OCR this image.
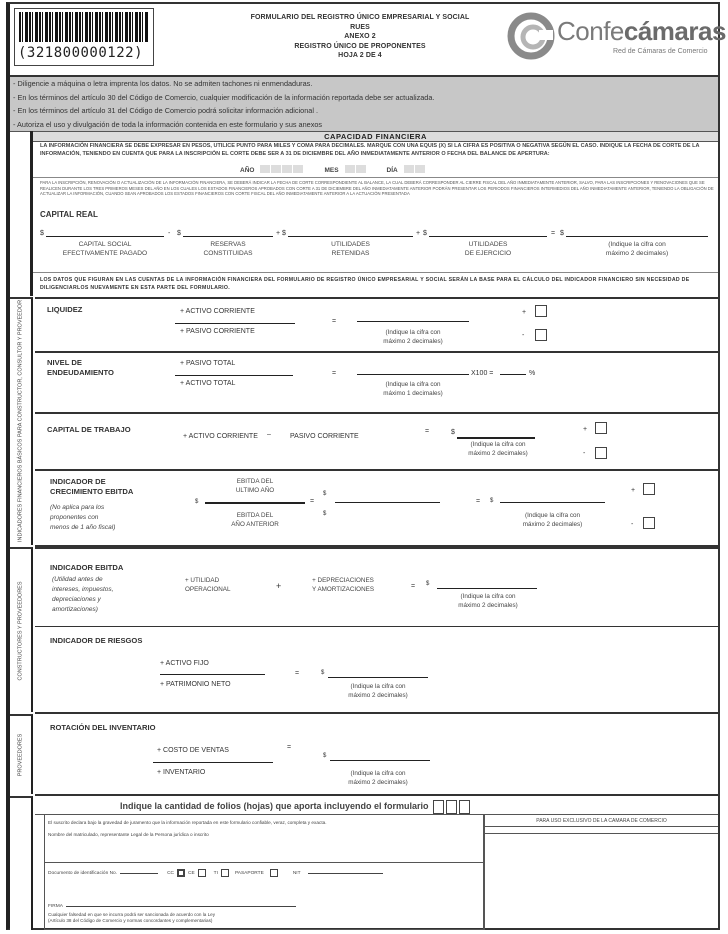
(321800000122)
FORMULARIO DEL REGISTRO ÚNICO EMPRESARIAL Y SOCIAL
RUES
ANEXO 2
REGISTRO ÚNICO DE PROPONENTES
HOJA 2 DE 4
Confecámaras
Red de Cámaras de Comercio
- Diligencie a máquina o letra imprenta los datos. No se admiten tachones ni enmendaduras.
- En los términos del artículo 30 del Código de Comercio, cualquier modificación de la información reportada debe ser actualizada.
- En los términos del artículo 31 del Código de Comercio podrá solicitar información adicional .
- Autoriza el uso y divulgación de toda la información contenida en este formulario y sus anexos
CAPACIDAD FINANCIERA
LA INFORMACIÓN FINANCIERA SE DEBE EXPRESAR EN PESOS, UTILICE PUNTO PARA MILES Y COMA PARA DECIMALES. MARQUE CON UNA EQUIS (X) SI LA CIFRA ES POSITIVA O NEGATIVA SEGÚN EL CASO. INDIQUE LA FECHA DE CORTE DE LA INFORMACIÓN, TENIENDO EN CUENTA QUE PARA LA INSCRIPCIÓN EL CORTE DEBE SER A 31 DE DICIEMBRE DEL AÑO INMEDIATAMENTE ANTERIOR O FECHA DEL BALANCE DE APERTURA:
AÑO	MES	DÍA
PARA LA INSCRIPCIÓN, RENOVACIÓN O ACTUALIZACIÓN DE LA INFORMACIÓN FINANCIERA, SE DEBERÁ INDICAR LA FECHA DE CORTE CORRESPONDIENTE AL BALANCE, LA CUAL DEBERÁ CORRESPONDER AL CIERRE FISCAL DEL AÑO INMEDIATAMENTE ANTERIOR, SALVO, PARA LAS INSCRIPCIONES Y RENOVACIONES QUE SE REALICEN DURANTE LOS TRES PRIMEROS MESES DEL AÑO EN LOS CUALES LOS ESTADOS FINANCIEROS APROBADOS CON CORTE A 31 DE DICIEMBRE DEL AÑO INMEDIATAMENTE ANTERIOR PODRÁN PRESENTAR LOS PERIODOS FINANCIEROS INTERMEDIOS DEL AÑO INMEDIATAMENTE ANTERIOR, TENIENDO LA OBLIGACIÓN DE ACTUALIZAR LA INFORMACIÓN, CUANDO SEAN APROBADOS LOS ESTADOS FINANCIEROS CON CORTE FISCAL DEL AÑO INMEDIATAMENTE ANTERIOR A LA ACTUACIÓN PRESENTADA
CAPITAL REAL
$	-
CAPITAL SOCIAL
EFECTIVAMENTE PAGADO
$	+
RESERVAS
CONSTITUIDAS
$	+
UTILIDADES
RETENIDAS
$	=
UTILIDADES
DE EJERCICIO
$
(Indique la cifra con
máximo 2 decimales)
LOS DATOS QUE FIGURAN EN LAS CUENTAS DE LA INFORMACIÓN FINANCIERA DEL FORMULARIO DE REGISTRO ÚNICO EMPRESARIAL Y SOCIAL SERÁN LA BASE PARA EL CÁLCULO DEL INDICADOR FINANCIERO SIN NECESIDAD DE DILIGENCIARLOS NUEVAMENTE EN ESTA PARTE DEL FORMULARIO.
INDICADORES FINANCIEROS BÁSICOS PARA CONSTRUCTOR, CONSULTOR Y PROVEEDOR
CONSTRUCTORES Y PROVEEDORES
PROVEEDORES
LIQUIDEZ	+ ACTIVO CORRIENTE
+ PASIVO CORRIENTE
=
(Indique la cifra con
máximo 2 decimales)
+
-
NIVEL DE
ENDEUDAMIENTO
+ PASIVO TOTAL
+ ACTIVO TOTAL
=
(Indique la cifra con
máximo 1 decimales)
X100 =	%
CAPITAL DE TRABAJO
+ ACTIVO CORRIENTE –	PASIVO CORRIENTE
=	$
(Indique la cifra con
máximo 2 decimales)
+
-
INDICADOR DE
CRECIMIENTO EBITDA
(No aplica para los
proponentes con
menos de 1 año fiscal)
$
EBITDA DEL
ULTIMO AÑO
EBITDA DEL
AÑO ANTERIOR
=
$
$
= $
(Indique la cifra con
máximo 2 decimales)
+
-
INDICADOR EBITDA
(Utilidad antes de
intereses, impuestos,
depreciaciones y
amortizaciones)
+ UTILIDAD
OPERACIONAL	+
+ DEPRECIACIONES
Y AMORTIZACIONES	= $
(Indique la cifra con
máximo 2 decimales)
INDICADOR DE RIESGOS
+ ACTIVO FIJO
+ PATRIMONIO NETO
=	$
(Indique la cifra con
máximo 2 decimales)
ROTACIÓN DEL INVENTARIO
+ COSTO DE VENTAS
+ INVENTARIO
=
$
(Indique la cifra con
máximo 2 decimales)
Indique la cantidad de folios (hojas) que aporta incluyendo el formulario
El suscrito declara bajo la gravedad de juramento que la información reportada en este formulario confiable, veraz, completa y exacta.
Nombre del matriculado, representante Legal de la Persona jurídica o inscrito
Documento de identificación No.	CC	CE	TI	PASAPORTE	NIT
FIRMA
Cualquier falsedad en que se incurra podrá ser sancionada de acuerdo con la Ley
(Artículo 38 del Código de Comercio y normas concordantes y complementarias)
PARA USO EXCLUSIVO DE LA CAMARA DE COMERCIO
